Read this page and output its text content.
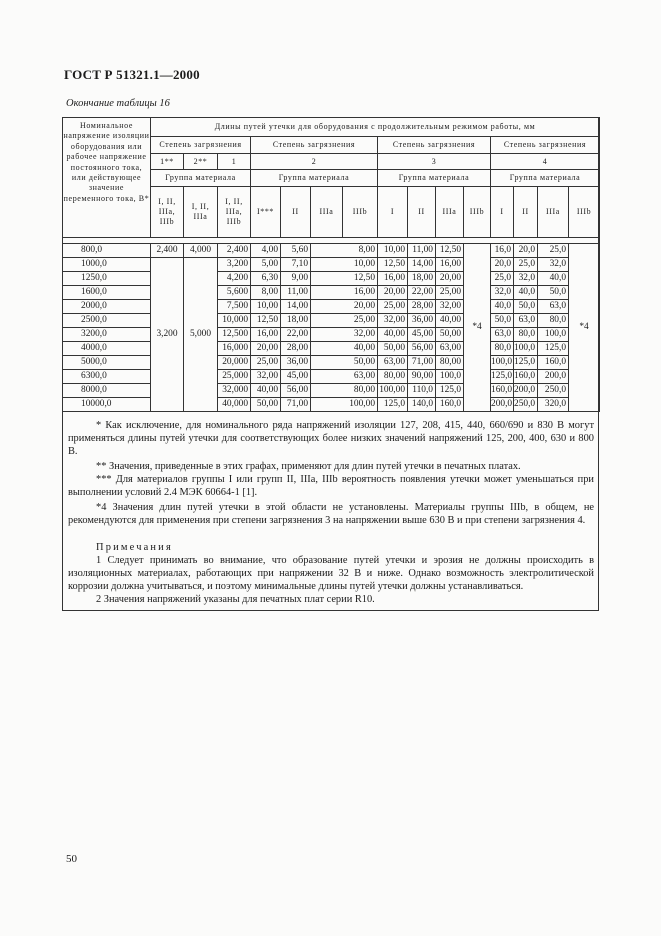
ГОСТ Р 51321.1—2000
Окончание таблицы 16
Номинальное напряжение изоляции оборудования или рабочее напряжение постоянного тока, или действующее значение переменного тока, В*	Длины путей утечки для оборудования с продолжительным режимом работы, мм														
	Степень загрязнения			Степень загрязнения				Степень загрязнения				Степень загрязнения			
	1**	2**	1	2				3				4			
	Группа материала			Группа материала				Группа материала				Группа материала			
	I, II, IIIa, IIIb	I, II, IIIa	I, II, IIIa, IIIb	I***	II	IIIa	IIIb	I	II	IIIa	IIIb	I	II	IIIa	IIIb

800,0	2,400	4,000	2,400	4,00	5,60	8,00		10,00	11,00	12,50	*4	16,0	20,0	25,0	*4
1000,0	3,200	5,000	3,200	5,00	7,10	10,00		12,50	14,00	16,00		20,0	25,0	32,0	
1250,0			4,200	6,30	9,00	12,50		16,00	18,00	20,00		25,0	32,0	40,0	
1600,0			5,600	8,00	11,00	16,00		20,00	22,00	25,00		32,0	40,0	50,0	
2000,0			7,500	10,00	14,00	20,00		25,00	28,00	32,00		40,0	50,0	63,0	
2500,0			10,000	12,50	18,00	25,00		32,00	36,00	40,00		50,0	63,0	80,0	
3200,0			12,500	16,00	22,00	32,00		40,00	45,00	50,00		63,0	80,0	100,0	
4000,0			16,000	20,00	28,00	40,00		50,00	56,00	63,00		80,0	100,0	125,0	
5000,0			20,000	25,00	36,00	50,00		63,00	71,00	80,00		100,0	125,0	160,0	
6300,0			25,000	32,00	45,00	63,00		80,00	90,00	100,0		125,0	160,0	200,0	
8000,0			32,000	40,00	56,00	80,00		100,00	110,0	125,0		160,0	200,0	250,0	
10000,0			40,000	50,00	71,00	100,00		125,0	140,0	160,0		200,0	250,0	320,0	

* Как исключение, для номинального ряда напряжений изоляции 127, 208, 415, 440, 660/690 и 830 В могут применяться длины путей утечки для соответствующих более низких значений напряжений 125, 200, 400, 630 и 800 В.

** Значения, приведенные в этих графах, применяют для длин путей утечки в печатных платах.

*** Для материалов группы I или групп II, IIIa, IIIb вероятность появления утечки может уменьшаться при выполнении условий 2.4 МЭК 60664-1 [1].

*4 Значения длин путей утечки в этой области не установлены. Материалы группы IIIb, в общем, не рекомендуются для применения при степени загрязнения 3 на напряжении выше 630 В и при степени загрязнения 4.

Примечания

1 Следует принимать во внимание, что образование путей утечки и эрозия не должны происходить в изоляционных материалах, работающих при напряжении 32 В и ниже. Однако возможность электролитической коррозии должна учитываться, и поэтому минимальные длины путей утечки должны устанавливаться.

2 Значения напряжений указаны для печатных плат серии R10.

50
